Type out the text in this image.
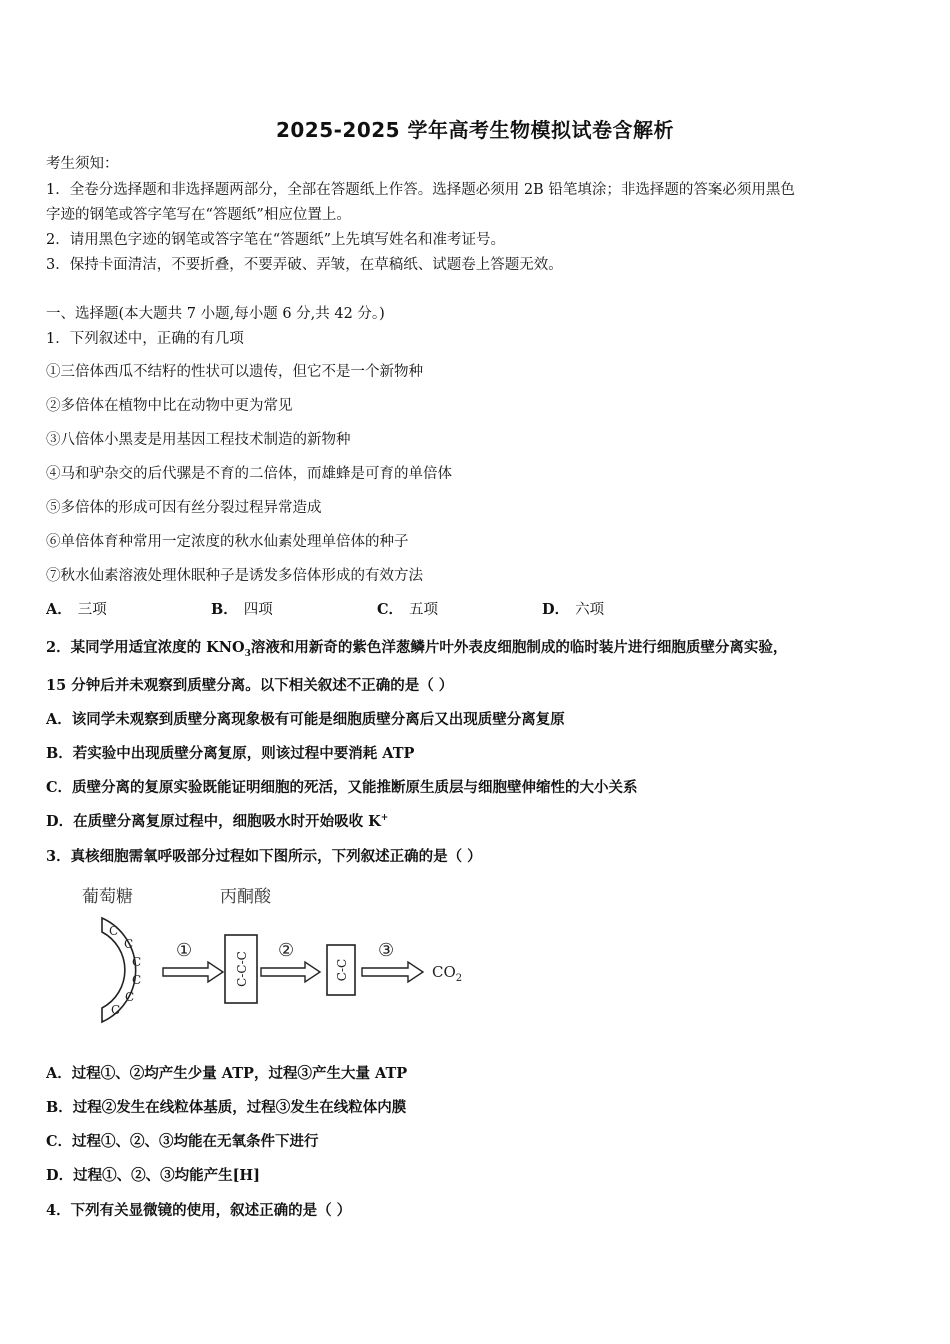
2025-2025 学年高考生物模拟试卷含解析
考生须知：
1．全卷分选择题和非选择题两部分，全部在答题纸上作答。选择题必须用 2B 铅笔填涂；非选择题的答案必须用黑色
字迹的钢笔或答字笔写在“答题纸”相应位置上。
2．请用黑色字迹的钢笔或答字笔在“答题纸”上先填写姓名和准考证号。
3．保持卡面清洁，不要折叠，不要弄破、弄皱，在草稿纸、试题卷上答题无效。
一、选择题(本大题共 7 小题,每小题 6 分,共 42 分。)
1．下列叙述中，正确的有几项
①三倍体西瓜不结籽的性状可以遗传，但它不是一个新物种
②多倍体在植物中比在动物中更为常见
③八倍体小黑麦是用基因工程技术制造的新物种
④马和驴杂交的后代骡是不育的二倍体，而雄蜂是可育的单倍体
⑤多倍体的形成可因有丝分裂过程异常造成
⑥单倍体育种常用一定浓度的秋水仙素处理单倍体的种子
⑦秋水仙素溶液处理休眠种子是诱发多倍体形成的有效方法
A． 三项	B． 四项	C． 五项	D． 六项
2．某同学用适宜浓度的 $KNO_3$溶液和用新奇的紫色洋葱鳞片叶外表皮细胞制成的临时装片进行细胞质壁分离实验，
15 分钟后并未观察到质壁分离。以下相关叙述不正确的是（ ）
A．该同学未观察到质壁分离现象极有可能是细胞质壁分离后又出现质壁分离复原
B．若实验中出现质壁分离复原，则该过程中要消耗 ATP
C．质壁分离的复原实验既能证明细胞的死活，又能推断原生质层与细胞壁伸缩性的大小关系
D．在质壁分离复原过程中，细胞吸水时开始吸收 K+
3．真核细胞需氧呼吸部分过程如下图所示，下列叙述正确的是（ ）
葡萄糖	丙酮酸
C
C
C
C
C
C
①
C-C-C
②
C-C
③
$CO_2$
A．过程①、②均产生少量 ATP，过程③产生大量 ATP
B．过程②发生在线粒体基质，过程③发生在线粒体内膜
C．过程①、②、③均能在无氧条件下进行
D．过程①、②、③均能产生[H]
4．下列有关显微镜的使用，叙述正确的是（ ）
